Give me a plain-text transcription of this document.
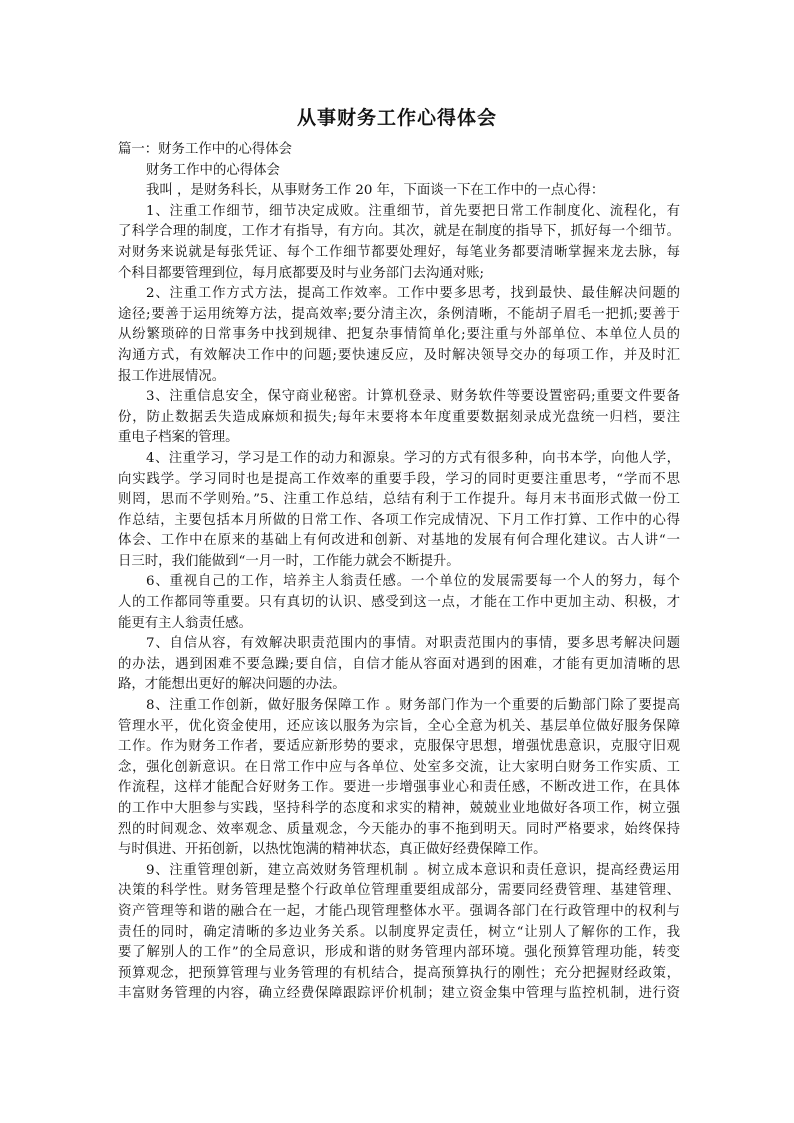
从事财务工作心得体会
篇一：财务工作中的心得体会
财务工作中的心得体会
我叫 ，是财务科长，从事财务工作 20 年，下面谈一下在工作中的一点心得：
1、注重工作细节，细节决定成败。注重细节，首先要把日常工作制度化、流程化，有
了科学合理的制度，工作才有指导，有方向。其次，就是在制度的指导下，抓好每一个细节。
对财务来说就是每张凭证、每个工作细节都要处理好，每笔业务都要清晰掌握来龙去脉，每
个科目都要管理到位，每月底都要及时与业务部门去沟通对账;
2、注重工作方式方法，提高工作效率。工作中要多思考，找到最快、最佳解决问题的
途径;要善于运用统筹方法，提高效率;要分清主次，条例清晰，不能胡子眉毛一把抓;要善于
从纷繁琐碎的日常事务中找到规律、把复杂事情简单化;要注重与外部单位、本单位人员的
沟通方式，有效解决工作中的问题;要快速反应，及时解决领导交办的每项工作，并及时汇
报工作进展情况。
3、注重信息安全，保守商业秘密。计算机登录、财务软件等要设置密码;重要文件要备
份，防止数据丢失造成麻烦和损失;每年末要将本年度重要数据刻录成光盘统一归档，要注
重电子档案的管理。
4、注重学习，学习是工作的动力和源泉。学习的方式有很多种，向书本学，向他人学，
向实践学。学习同时也是提高工作效率的重要手段，学习的同时更要注重思考，“学而不思
则罔，思而不学则殆。”5、注重工作总结，总结有利于工作提升。每月末书面形式做一份工
作总结，主要包括本月所做的日常工作、各项工作完成情况、下月工作打算、工作中的心得
体会、工作中在原来的基础上有何改进和创新、对基地的发展有何合理化建议。古人讲“一
日三时，我们能做到“一月一时，工作能力就会不断提升。
6、重视自己的工作，培养主人翁责任感。一个单位的发展需要每一个人的努力，每个
人的工作都同等重要。只有真切的认识、感受到这一点，才能在工作中更加主动、积极，才
能更有主人翁责任感。
7、自信从容，有效解决职责范围内的事情。对职责范围内的事情，要多思考解决问题
的办法，遇到困难不要急躁;要自信，自信才能从容面对遇到的困难，才能有更加清晰的思
路，才能想出更好的解决问题的办法。
8、注重工作创新，做好服务保障工作 。财务部门作为一个重要的后勤部门除了要提高
管理水平，优化资金使用，还应该以服务为宗旨，全心全意为机关、基层单位做好服务保障
工作。作为财务工作者，要适应新形势的要求，克服保守思想，增强忧患意识，克服守旧观
念，强化创新意识。在日常工作中应与各单位、处室多交流，让大家明白财务工作实质、工
作流程，这样才能配合好财务工作。要进一步增强事业心和责任感，不断改进工作，在具体
的工作中大胆参与实践，坚持科学的态度和求实的精神，兢兢业业地做好各项工作，树立强
烈的时间观念、效率观念、质量观念，今天能办的事不拖到明天。同时严格要求，始终保持
与时俱进、开拓创新，以热忱饱满的精神状态，真正做好经费保障工作。
9、注重管理创新，建立高效财务管理机制 。树立成本意识和责任意识，提高经费运用
决策的科学性。财务管理是整个行政单位管理重要组成部分，需要同经费管理、基建管理、
资产管理等和谐的融合在一起，才能凸现管理整体水平。强调各部门在行政管理中的权利与
责任的同时，确定清晰的多边业务关系。以制度界定责任，树立“让别人了解你的工作，我
要了解别人的工作”的全局意识，形成和谐的财务管理内部环境。强化预算管理功能，转变
预算观念，把预算管理与业务管理的有机结合，提高预算执行的刚性；充分把握财经政策，
丰富财务管理的内容，确立经费保障跟踪评价机制；建立资金集中管理与监控机制，进行资
